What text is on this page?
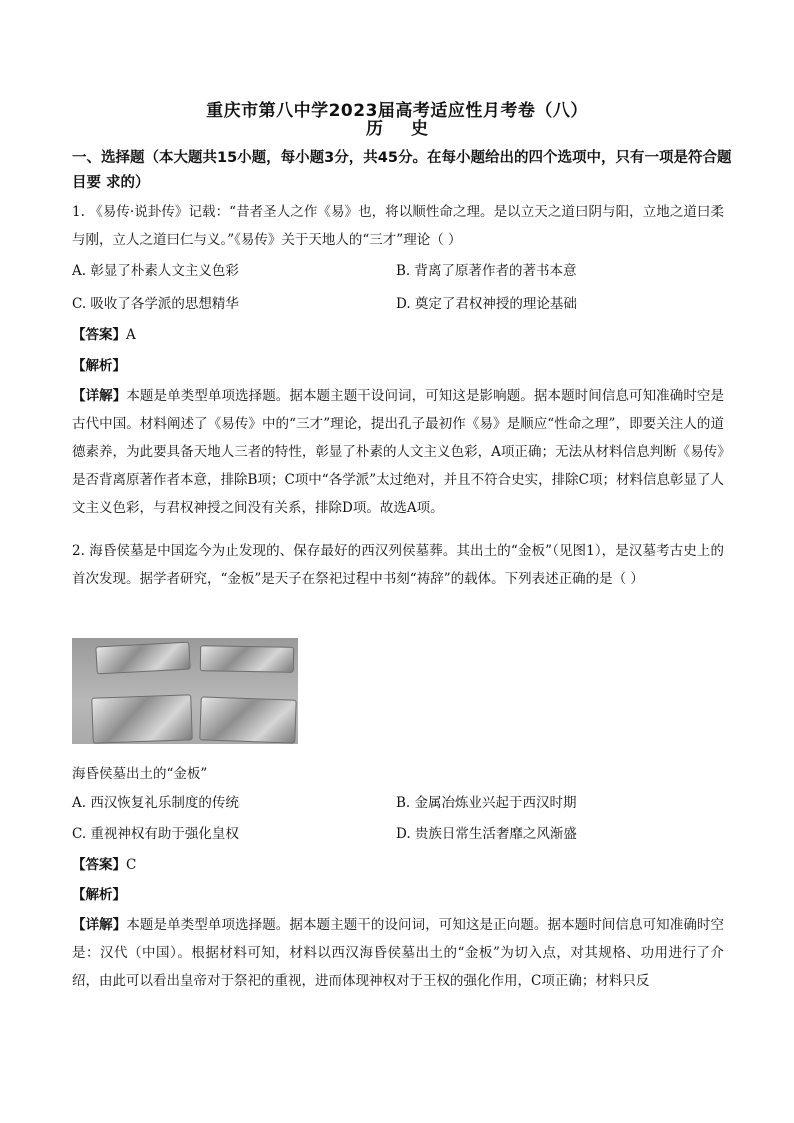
重庆市第八中学2023届高考适应性月考卷（八）
历 史
一、选择题（本大题共15小题，每小题3分，共45分。在每小题给出的四个选项中，只有一项是符合题目要 求的）
1. 《易传·说卦传》记载：“昔者圣人之作《易》也，将以顺性命之理。是以立天之道曰阴与阳，立地之道曰柔与刚，立人之道曰仁与义。”《易传》关于天地人的“三才”理论（ ）
A. 彰显了朴素人文主义色彩	B. 背离了原著作者的著书本意
C. 吸收了各学派的思想精华	D. 奠定了君权神授的理论基础
【答案】A
【解析】
【详解】本题是单类型单项选择题。据本题主题干设问词，可知这是影响题。据本题时间信息可知准确时空是古代中国。材料阐述了《易传》中的“三才”理论，提出孔子最初作《易》是顺应“性命之理”，即要关注人的道德素养，为此要具备天地人三者的特性，彰显了朴素的人文主义色彩，A项正确；无法从材料信息判断《易传》是否背离原著作者本意，排除B项；C项中“各学派”太过绝对，并且不符合史实，排除C项；材料信息彰显了人文主义色彩，与君权神授之间没有关系，排除D项。故选A项。
2. 海昏侯墓是中国迄今为止发现的、保存最好的西汉列侯墓葬。其出土的“金板”（见图1），是汉墓考古史上的首次发现。据学者研究，“金板”是天子在祭祀过程中书刻“祷辞”的载体。下列表述正确的是（ ）
海昏侯墓出土的“金板”
A. 西汉恢复礼乐制度的传统	B. 金属冶炼业兴起于西汉时期
C. 重视神权有助于强化皇权	D. 贵族日常生活奢靡之风渐盛
【答案】C
【解析】
【详解】本题是单类型单项选择题。据本题主题干的设问词，可知这是正向题。据本题时间信息可知准确时空是：汉代（中国）。根据材料可知，材料以西汉海昏侯墓出土的“金板”为切入点，对其规格、功用进行了介绍，由此可以看出皇帝对于祭祀的重视，进而体现神权对于王权的强化作用，C项正确；材料只反
